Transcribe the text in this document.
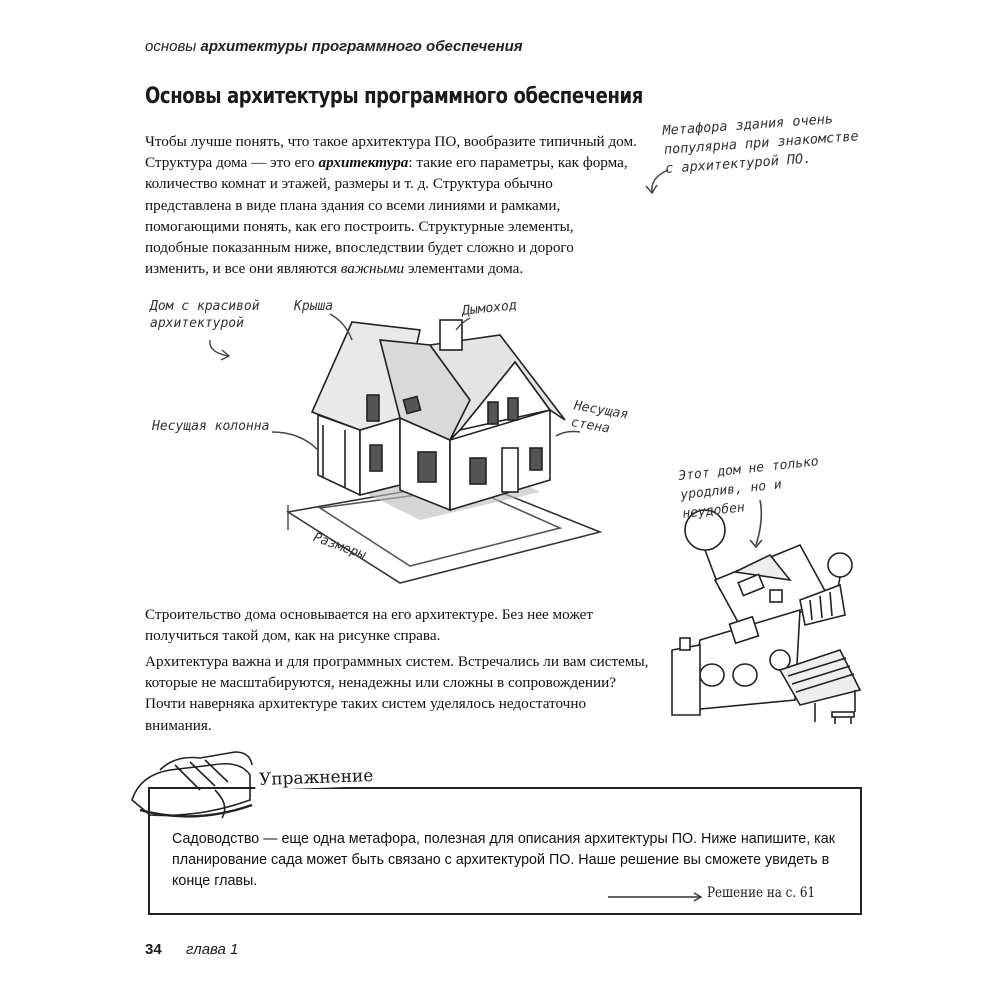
основы архитектуры программного обеспечения
Основы архитектуры программного обеспечения

Чтобы лучше понять, что такое архитектура ПО, вообразите типичный дом. Структура дома — это его архитектура: такие его параметры, как форма, количество комнат и этажей, размеры и т. д. Структура обычно представлена в виде плана здания со всеми линиями и рамками, помогающими понять, как его построить. Структурные элементы, подобные показанным ниже, впоследствии будет сложно и дорого изменить, и все они являются важными элементами дома.

Метафора здания очень популярна при знакомстве с архитектурой ПО.
Дом с красивой архитектурой
Крыша	Дымоход
Несущая колонна
Несущая стена
Размеры
Этот дом не только уродлив, но и неудобен

Строительство дома основывается на его архитектуре. Без нее может получиться такой дом, как на рисунке справа.

Архитектура важна и для программных систем. Встречались ли вам системы, которые не масштабируются, ненадежны или сложны в сопровождении? Почти наверняка архитектуре таких систем уделялось недостаточно внимания.

Упражнение
Садоводство — еще одна метафора, полезная для описания архитектуры ПО. Ниже напишите, как планирование сада может быть связано с архитектурой ПО. Наше решение вы сможете увидеть в конце главы.
Решение на с. 61
34 глава 1
